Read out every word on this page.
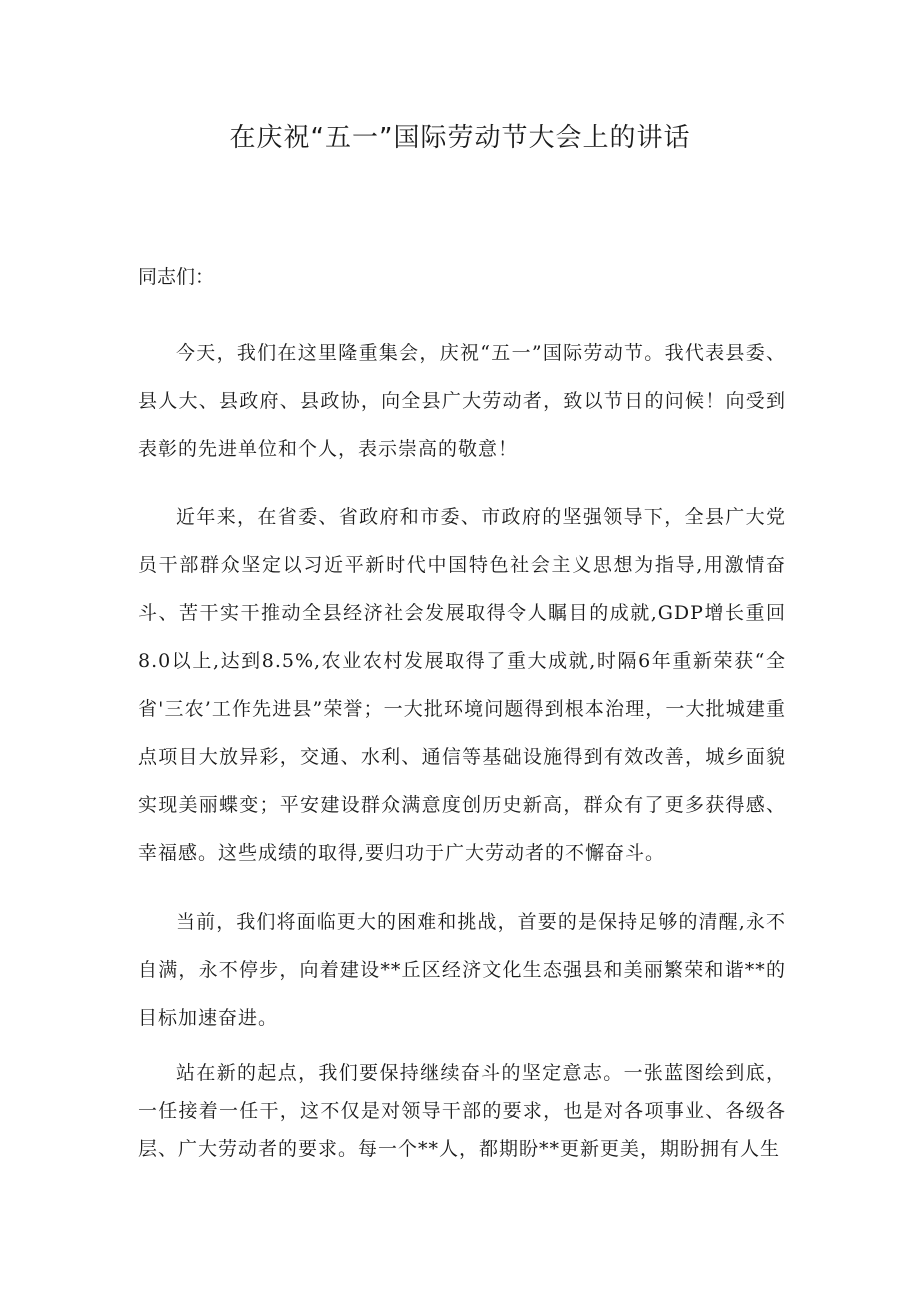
在庆祝“五一”国际劳动节大会上的讲话

同志们：

今天，我们在这里隆重集会，庆祝“五一”国际劳动节。我代表县委、县人大、县政府、县政协，向全县广大劳动者，致以节日的问候！向受到表彰的先进单位和个人，表示崇高的敬意！

近年来，在省委、省政府和市委、市政府的坚强领导下，全县广大党员干部群众坚定以习近平新时代中国特色社会主义思想为指导,用激情奋斗、苦干实干推动全县经济社会发展取得令人瞩目的成就,GDP增长重回8.0以上,达到8.5%,农业农村发展取得了重大成就,时隔6年重新荣获“全省'三农’工作先进县”荣誉；一大批环境问题得到根本治理，一大批城建重点项目大放异彩，交通、水利、通信等基础设施得到有效改善，城乡面貌实现美丽蝶变；平安建设群众满意度创历史新高，群众有了更多获得感、幸福感。这些成绩的取得,要归功于广大劳动者的不懈奋斗。

当前，我们将面临更大的困难和挑战，首要的是保持足够的清醒,永不自满，永不停步，向着建设**丘区经济文化生态强县和美丽繁荣和谐**的目标加速奋进。

站在新的起点，我们要保持继续奋斗的坚定意志。一张蓝图绘到底，一任接着一任干，这不仅是对领导干部的要求，也是对各项事业、各级各层、广大劳动者的要求。每一个**人，都期盼**更新更美，期盼拥有人生
